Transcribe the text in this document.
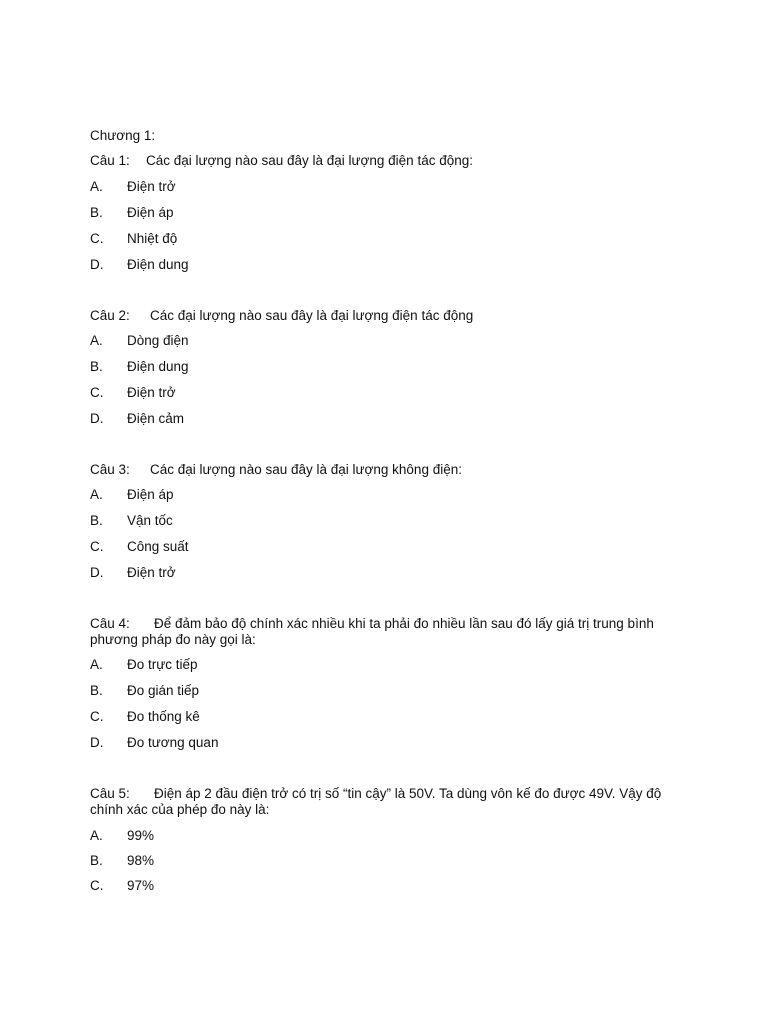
Chương 1:
Câu 1: Các đại lượng nào sau đây là đại lượng điện tác động:
A. Điện trở
B. Điện áp
C. Nhiệt độ
D. Điện dung
Câu 2: Các đại lượng nào sau đây là đại lượng điện tác động
A. Dòng điện
B. Điện dung
C. Điện trở
D. Điện cảm
Câu 3: Các đại lượng nào sau đây là đại lượng không điện:
A. Điện áp
B. Vận tốc
C. Công suất
D. Điện trở
Câu 4: Để đảm bảo độ chính xác nhiều khi ta phải đo nhiều lần sau đó lấy giá trị trung bình phương pháp đo này gọi là:
A. Đo trực tiếp
B. Đo gián tiếp
C. Đo thống kê
D. Đo tương quan
Câu 5: Điện áp 2 đầu điện trở có trị số “tin cậy” là 50V. Ta dùng vôn kế đo được 49V. Vậy độ chính xác của phép đo này là:
A. 99%
B. 98%
C. 97%
